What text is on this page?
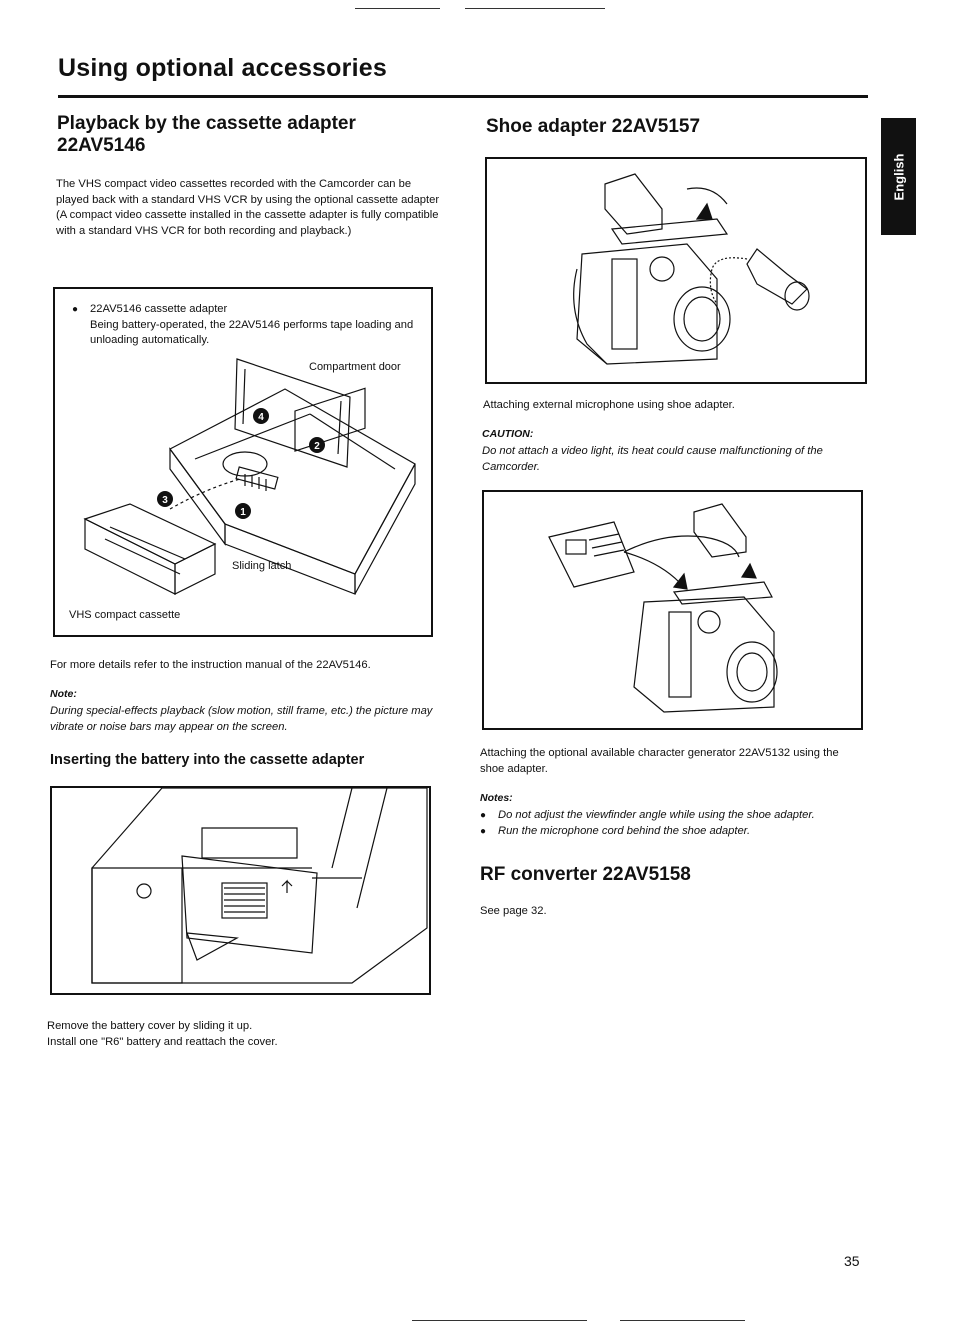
Using optional accessories
English
Playback by the cassette adapter 22AV5146
The VHS compact video cassettes recorded with the Camcorder can be played back with a standard VHS VCR by using the optional cassette adapter (A compact video cassette installed in the cassette adapter is fully compatible with a standard VHS VCR for both recording and playback.)
● 22AV5146 cassette adapter
Being battery-operated, the 22AV5146 performs tape loading and unloading automatically.
Compartment door
Sliding latch
VHS compact cassette
4
2
3
1
For more details refer to the instruction manual of the 22AV5146.
Note:
During special-effects playback (slow motion, still frame, etc.) the picture may vibrate or noise bars may appear on the screen.
Inserting the battery into the cassette adapter
Remove the battery cover by sliding it up.
Install one "R6" battery and reattach the cover.
Shoe adapter 22AV5157
Attaching external microphone using shoe adapter.
CAUTION:
Do not attach a video light, its heat could cause malfunctioning of the Camcorder.
Attaching the optional available character generator 22AV5132 using the shoe adapter.
Notes:
● Do not adjust the viewfinder angle while using the shoe adapter.
● Run the microphone cord behind the shoe adapter.
RF converter 22AV5158
See page 32.
35
